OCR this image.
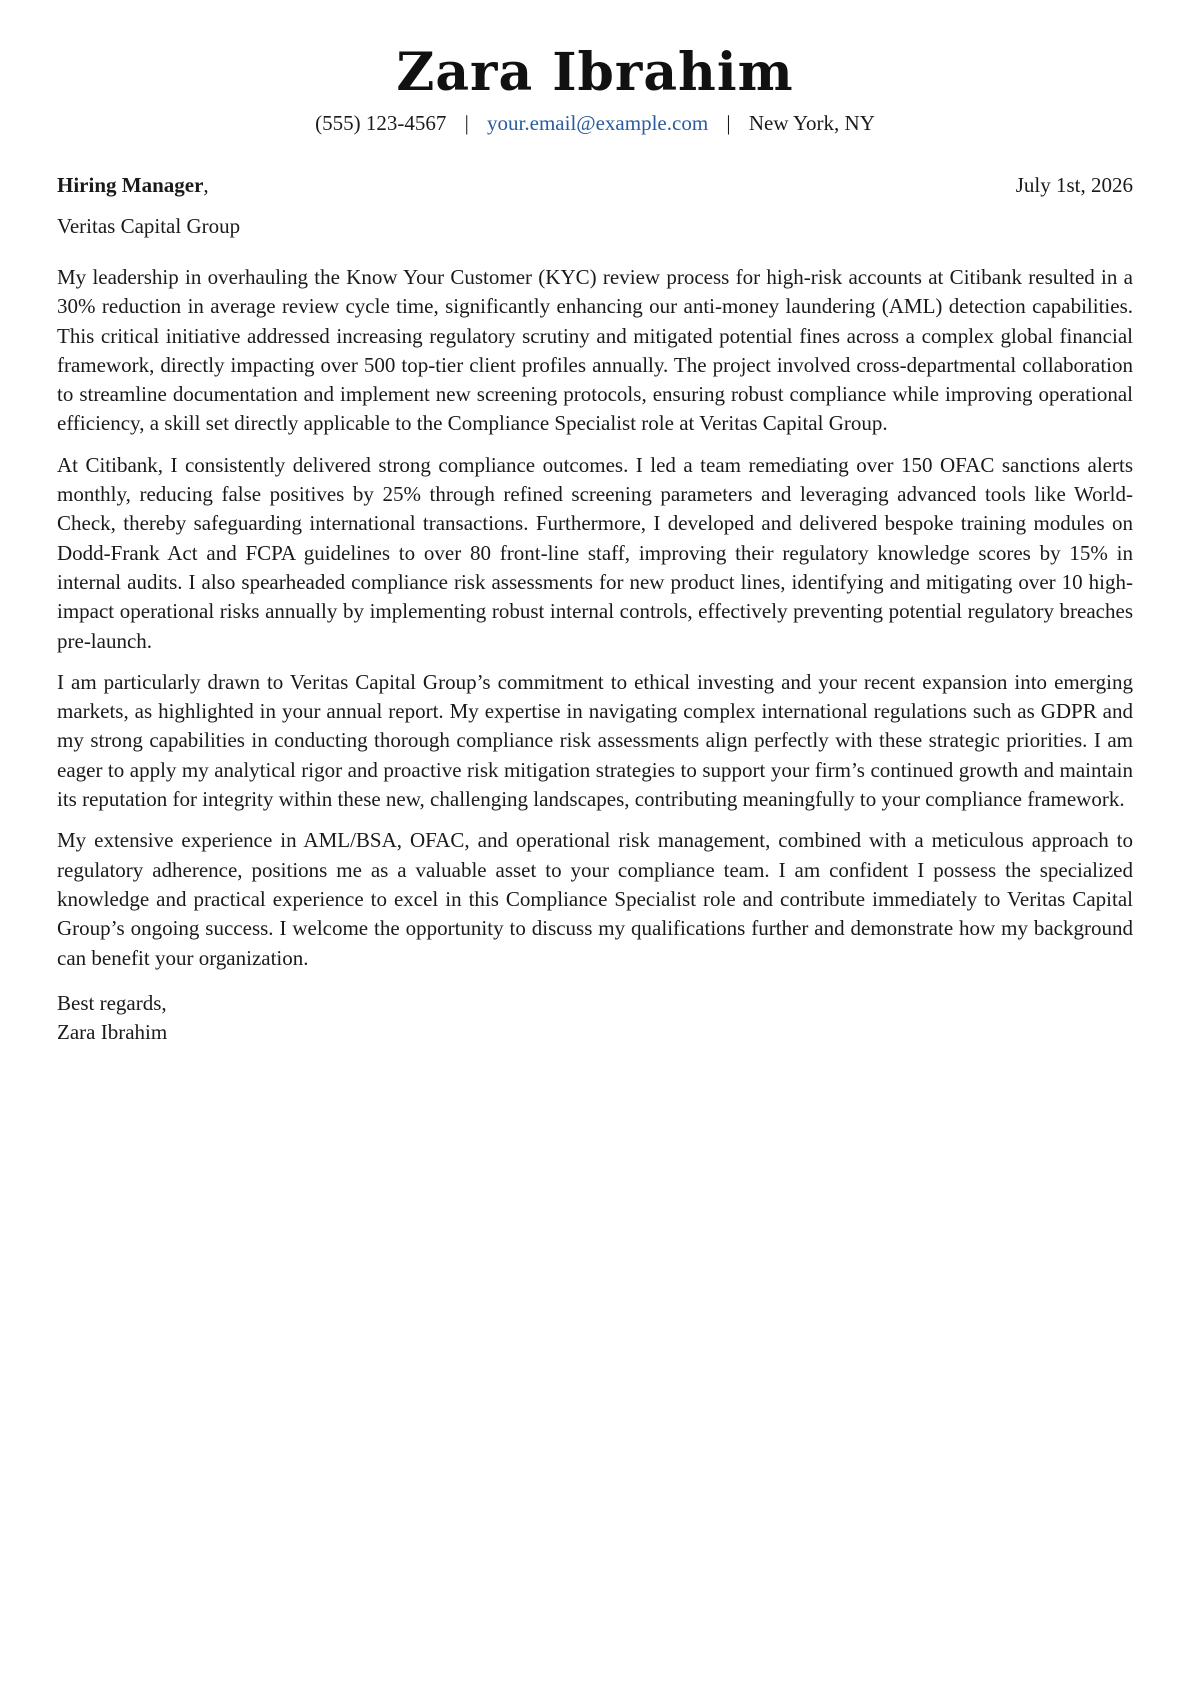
Zara Ibrahim
(555) 123-4567 | your.email@example.com | New York, NY
Hiring Manager,	July 1st, 2026
Veritas Capital Group

My leadership in overhauling the Know Your Customer (KYC) review process for high-risk accounts at Citibank resulted in a 30% reduction in average review cycle time, significantly enhancing our anti-money laundering (AML) detection capabilities. This critical initiative addressed increasing regulatory scrutiny and mitigated potential fines across a complex global financial framework, directly impacting over 500 top-tier client profiles annually. The project involved cross-departmental collaboration to streamline documentation and implement new screening protocols, ensuring robust compliance while improving operational efficiency, a skill set directly applicable to the Compliance Specialist role at Veritas Capital Group.

At Citibank, I consistently delivered strong compliance outcomes. I led a team remediating over 150 OFAC sanctions alerts monthly, reducing false positives by 25% through refined screening parameters and leveraging advanced tools like World-Check, thereby safeguarding international transactions. Furthermore, I developed and delivered bespoke training modules on Dodd-Frank Act and FCPA guidelines to over 80 front-line staff, improving their regulatory knowledge scores by 15% in internal audits. I also spearheaded compliance risk assessments for new product lines, identifying and mitigating over 10 high-impact operational risks annually by implementing robust internal controls, effectively preventing potential regulatory breaches pre-launch.

I am particularly drawn to Veritas Capital Group’s commitment to ethical investing and your recent expansion into emerging markets, as highlighted in your annual report. My expertise in navigating complex international regulations such as GDPR and my strong capabilities in conducting thorough compliance risk assessments align perfectly with these strategic priorities. I am eager to apply my analytical rigor and proactive risk mitigation strategies to support your firm’s continued growth and maintain its reputation for integrity within these new, challenging landscapes, contributing meaningfully to your compliance framework.

My extensive experience in AML/BSA, OFAC, and operational risk management, combined with a meticulous approach to regulatory adherence, positions me as a valuable asset to your compliance team. I am confident I possess the specialized knowledge and practical experience to excel in this Compliance Specialist role and contribute immediately to Veritas Capital Group’s ongoing success. I welcome the opportunity to discuss my qualifications further and demonstrate how my background can benefit your organization.

Best regards,
Zara Ibrahim
